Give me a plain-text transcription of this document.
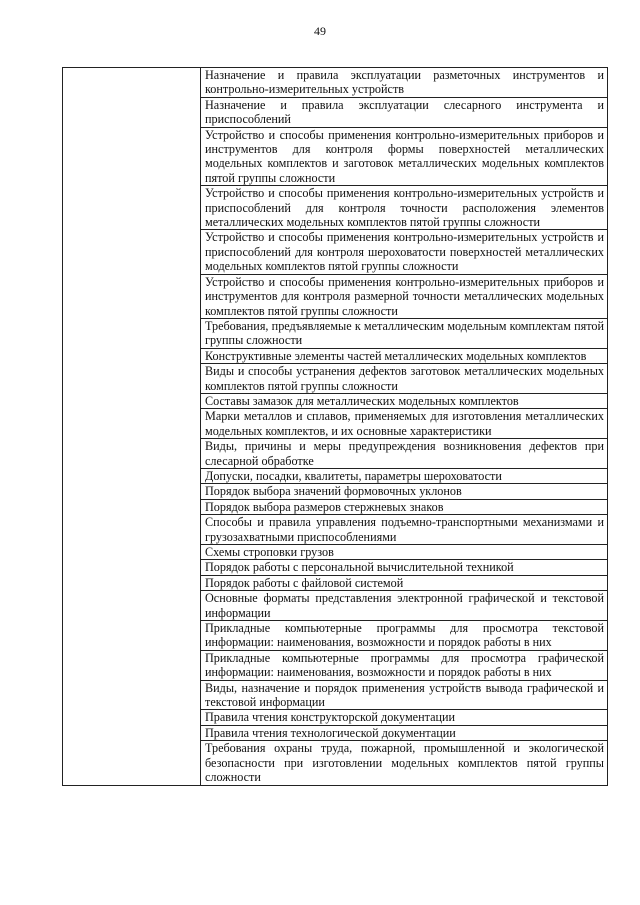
49
	Назначение и правила эксплуатации разметочных инструментов и контрольно-измерительных устройств
Назначение и правила эксплуатации слесарного инструмента и приспособлений
Устройство и способы применения контрольно-измерительных приборов и инструментов для контроля формы поверхностей металлических модельных комплектов и заготовок металлических модельных комплектов пятой группы сложности
Устройство и способы применения контрольно-измерительных устройств и приспособлений для контроля точности расположения элементов металлических модельных комплектов пятой группы сложности
Устройство и способы применения контрольно-измерительных устройств и приспособлений для контроля шероховатости поверхностей металлических модельных комплектов пятой группы сложности
Устройство и способы применения контрольно-измерительных приборов и инструментов для контроля размерной точности металлических модельных комплектов пятой группы сложности
Требования, предъявляемые к металлическим модельным комплектам пятой группы сложности
Конструктивные элементы частей металлических модельных комплектов
Виды и способы устранения дефектов заготовок металлических модельных комплектов пятой группы сложности
Составы замазок для металлических модельных комплектов
Марки металлов и сплавов, применяемых для изготовления металлических модельных комплектов, и их основные характеристики
Виды, причины и меры предупреждения возникновения дефектов при слесарной обработке
Допуски, посадки, квалитеты, параметры шероховатости
Порядок выбора значений формовочных уклонов
Порядок выбора размеров стержневых знаков
Способы и правила управления подъемно-транспортными механизмами и грузозахватными приспособлениями
Схемы строповки грузов
Порядок работы с персональной вычислительной техникой
Порядок работы с файловой системой
Основные форматы представления электронной графической и текстовой информации
Прикладные компьютерные программы для просмотра текстовой информации: наименования, возможности и порядок работы в них
Прикладные компьютерные программы для просмотра графической информации: наименования, возможности и порядок работы в них
Виды, назначение и порядок применения устройств вывода графической и текстовой информации
Правила чтения конструкторской документации
Правила чтения технологической документации
Требования охраны труда, пожарной, промышленной и экологической безопасности при изготовлении модельных комплектов пятой группы сложности
